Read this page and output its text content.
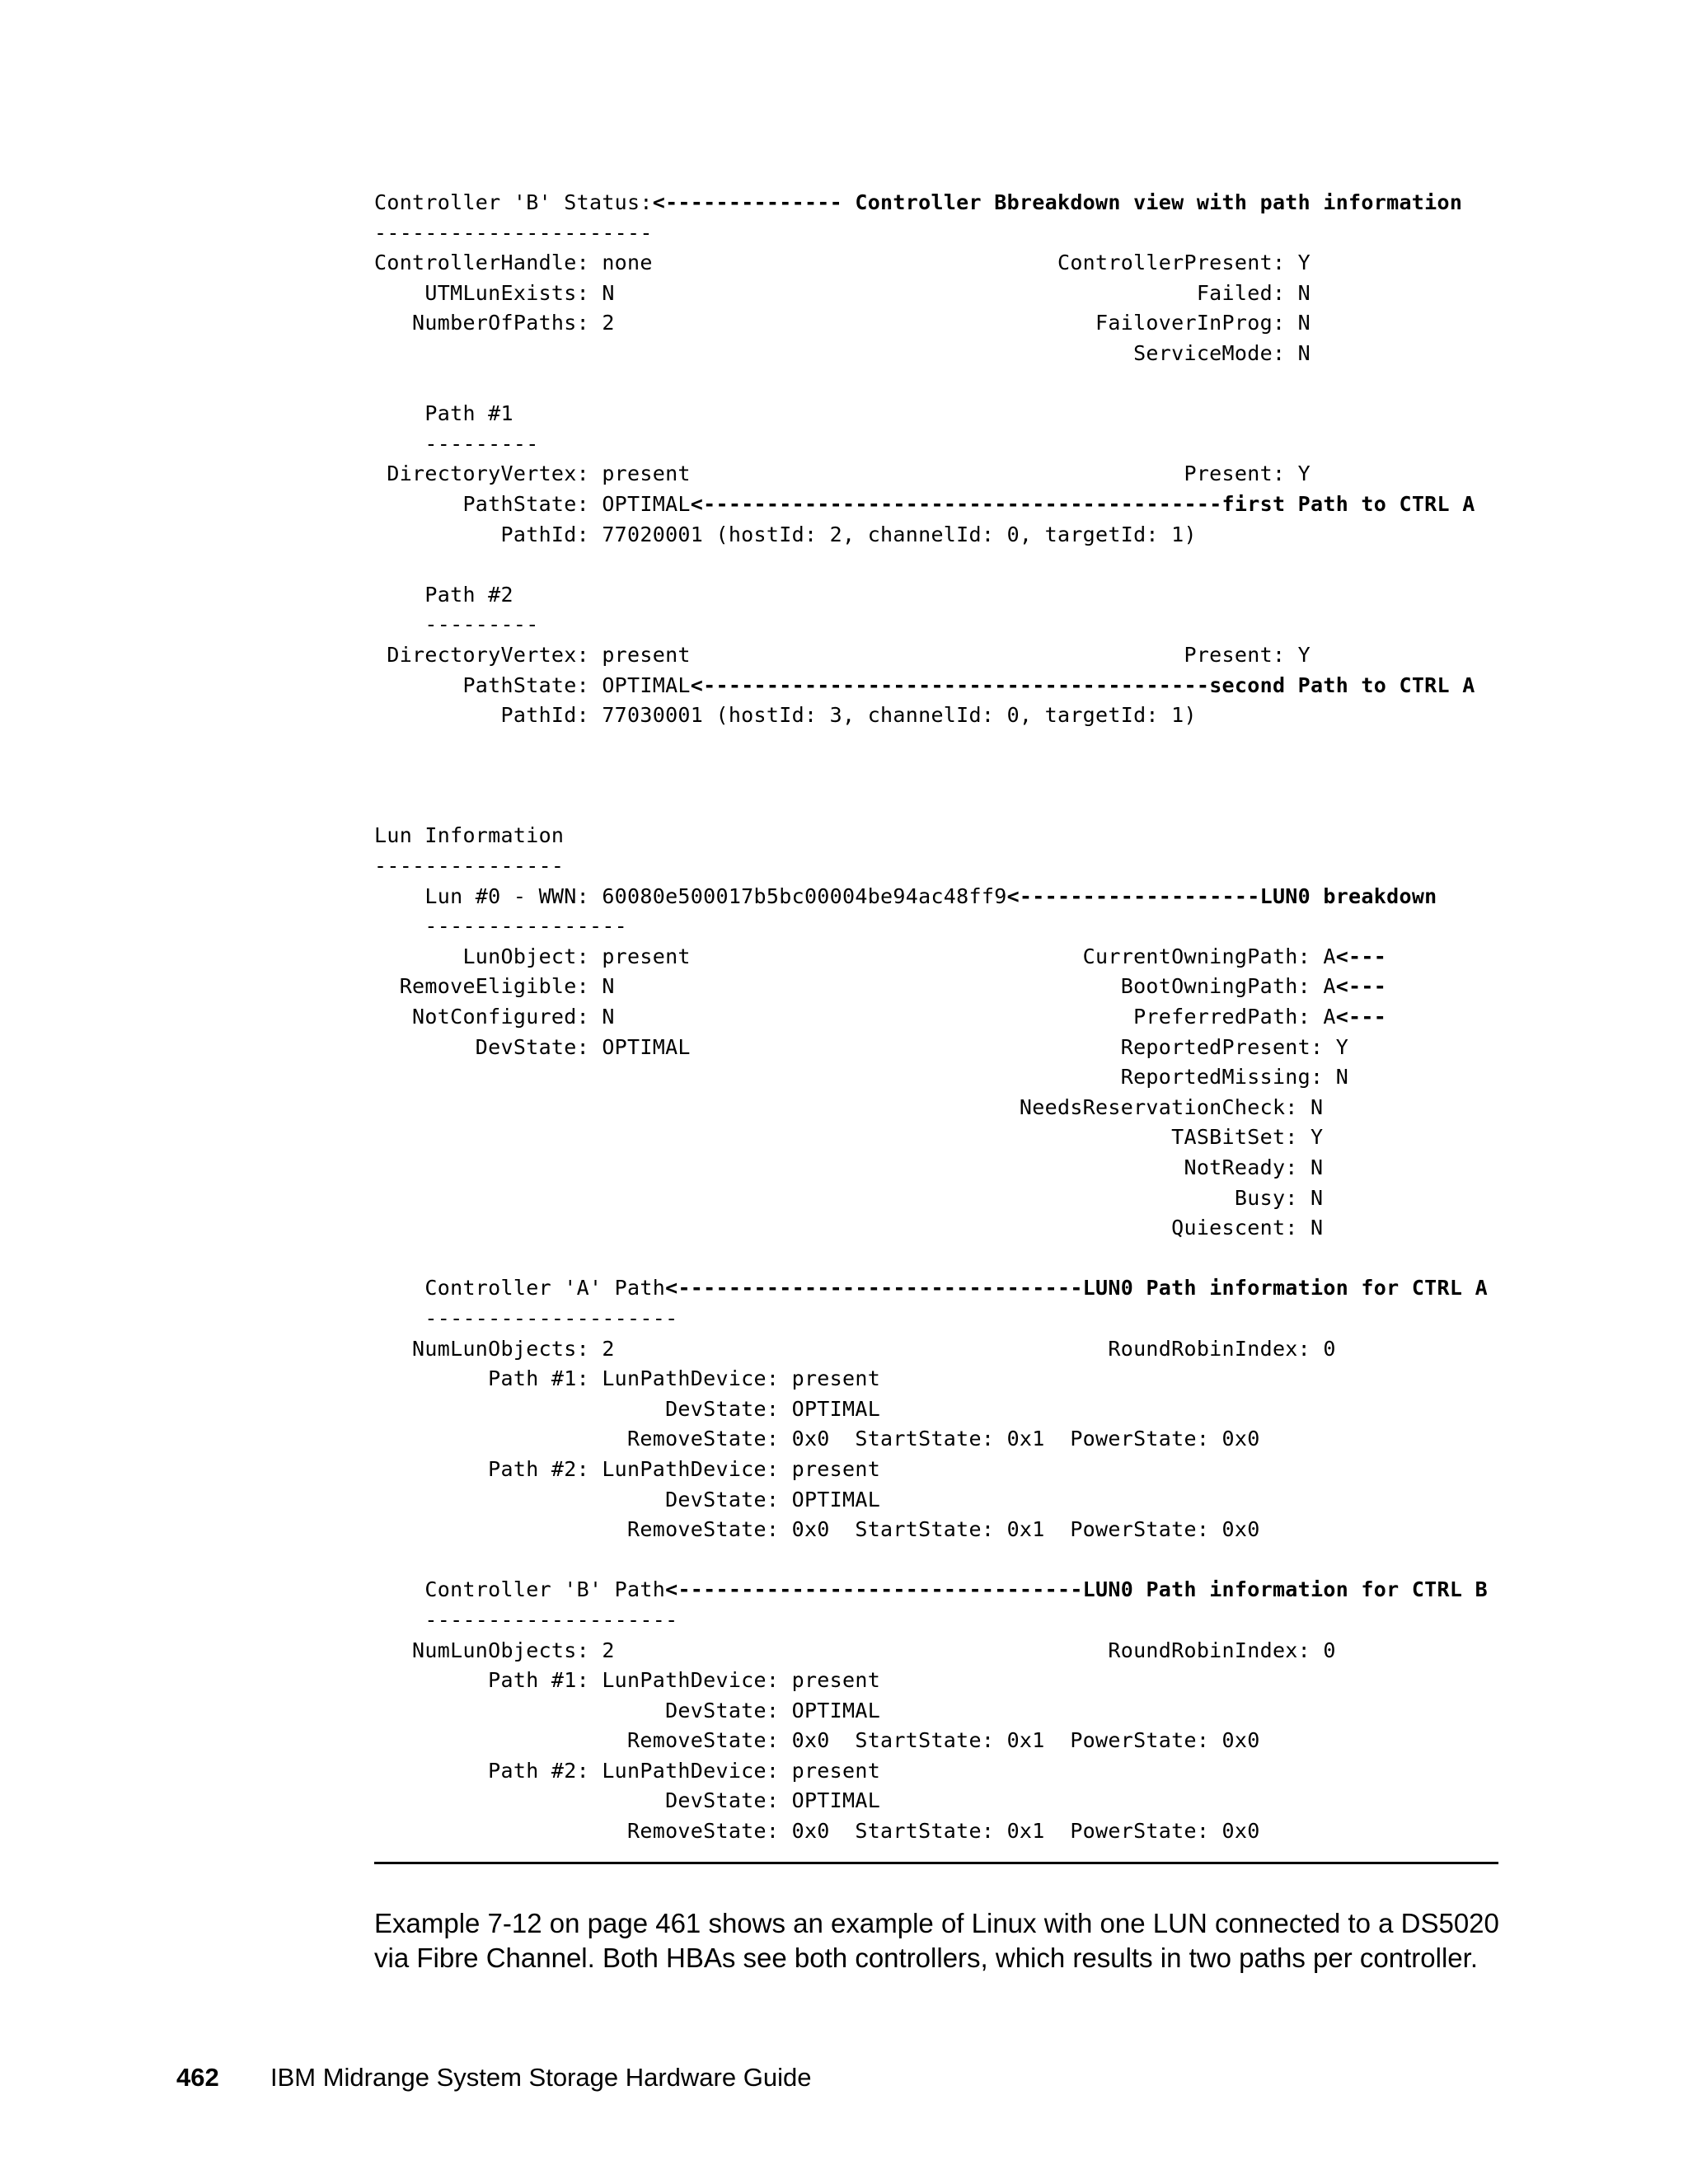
Controller 'B' Status:<-------------- Controller Bbreakdown view with path information
----------------------
ControllerHandle: none                                ControllerPresent: Y
UTMLunExists: N                                              Failed: N
NumberOfPaths: 2                                      FailoverInProg: N
ServiceMode: N
Path #1
---------
DirectoryVertex: present                                       Present: Y
PathState: OPTIMAL<-----------------------------------------first Path to CTRL A
PathId: 77020001 (hostId: 2, channelId: 0, targetId: 1)
Path #2
---------
DirectoryVertex: present                                       Present: Y
PathState: OPTIMAL<----------------------------------------second Path to CTRL A
PathId: 77030001 (hostId: 3, channelId: 0, targetId: 1)
Lun Information
---------------
Lun #0 - WWN: 60080e500017b5bc00004be94ac48ff9<-------------------LUN0 breakdown
----------------
LunObject: present                               CurrentOwningPath: A<---
RemoveEligible: N                                        BootOwningPath: A<---
NotConfigured: N                                         PreferredPath: A<---
DevState: OPTIMAL                                  ReportedPresent: Y
ReportedMissing: N
NeedsReservationCheck: N
TASBitSet: Y
NotReady: N
Busy: N
Quiescent: N
Controller 'A' Path<--------------------------------LUN0 Path information for CTRL A
--------------------
NumLunObjects: 2                                       RoundRobinIndex: 0
Path #1: LunPathDevice: present
DevState: OPTIMAL
RemoveState: 0x0  StartState: 0x1  PowerState: 0x0
Path #2: LunPathDevice: present
DevState: OPTIMAL
RemoveState: 0x0  StartState: 0x1  PowerState: 0x0
Controller 'B' Path<--------------------------------LUN0 Path information for CTRL B
--------------------
NumLunObjects: 2                                       RoundRobinIndex: 0
Path #1: LunPathDevice: present
DevState: OPTIMAL
RemoveState: 0x0  StartState: 0x1  PowerState: 0x0
Path #2: LunPathDevice: present
DevState: OPTIMAL
RemoveState: 0x0  StartState: 0x1  PowerState: 0x0

Example 7-12 on page 461 shows an example of Linux with one LUN connected to a DS5020 via Fibre Channel. Both HBAs see both controllers, which results in two paths per controller.

462 IBM Midrange System Storage Hardware Guide
